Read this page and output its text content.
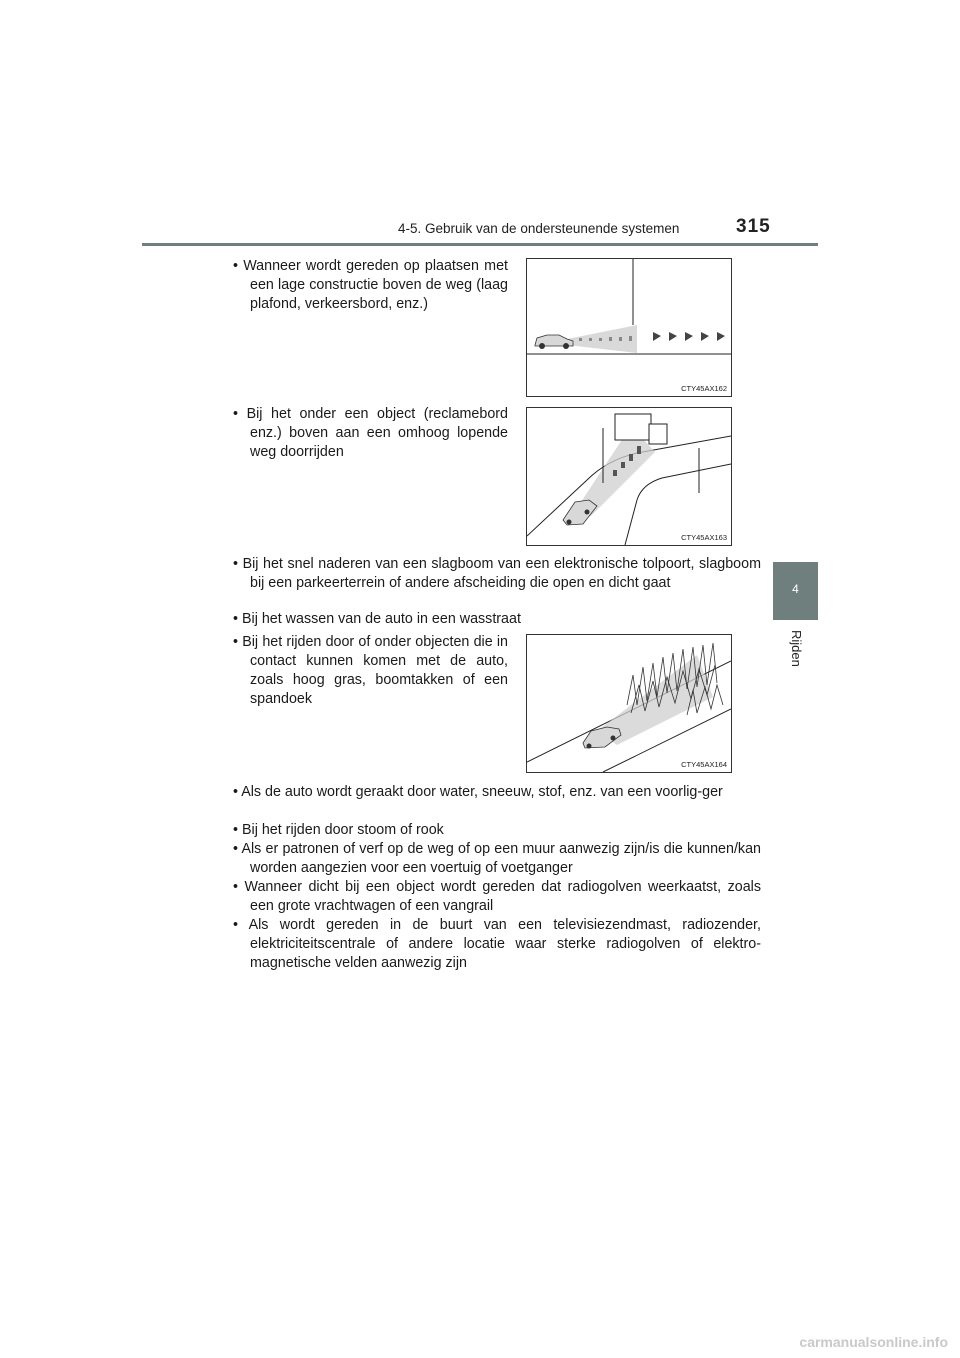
4-5. Gebruik van de ondersteunende systemen	315
4
Rijden

• Wanneer wordt gereden op plaatsen met een lage constructie boven de weg (laag plafond, verkeersbord, enz.)

CTY45AX162

• Bij het onder een object (reclamebord enz.) boven aan een omhoog lopende weg doorrijden

CTY45AX163

• Bij het snel naderen van een slagboom van een elektronische tolpoort, slagboom bij een parkeerterrein of andere afscheiding die open en dicht gaat

• Bij het wassen van de auto in een wasstraat

• Bij het rijden door of onder objecten die in contact kunnen komen met de auto, zoals hoog gras, boomtakken of een spandoek

CTY45AX164

• Als de auto wordt geraakt door water, sneeuw, stof, enz. van een voorlig-ger

• Bij het rijden door stoom of rook

• Als er patronen of verf op de weg of op een muur aanwezig zijn/is die kunnen/kan worden aangezien voor een voertuig of voetganger

• Wanneer dicht bij een object wordt gereden dat radiogolven weerkaatst, zoals een grote vrachtwagen of een vangrail

• Als wordt gereden in de buurt van een televisiezendmast, radiozender, elektriciteitscentrale of andere locatie waar sterke radiogolven of elektro-magnetische velden aanwezig zijn

carmanualsonline.info
